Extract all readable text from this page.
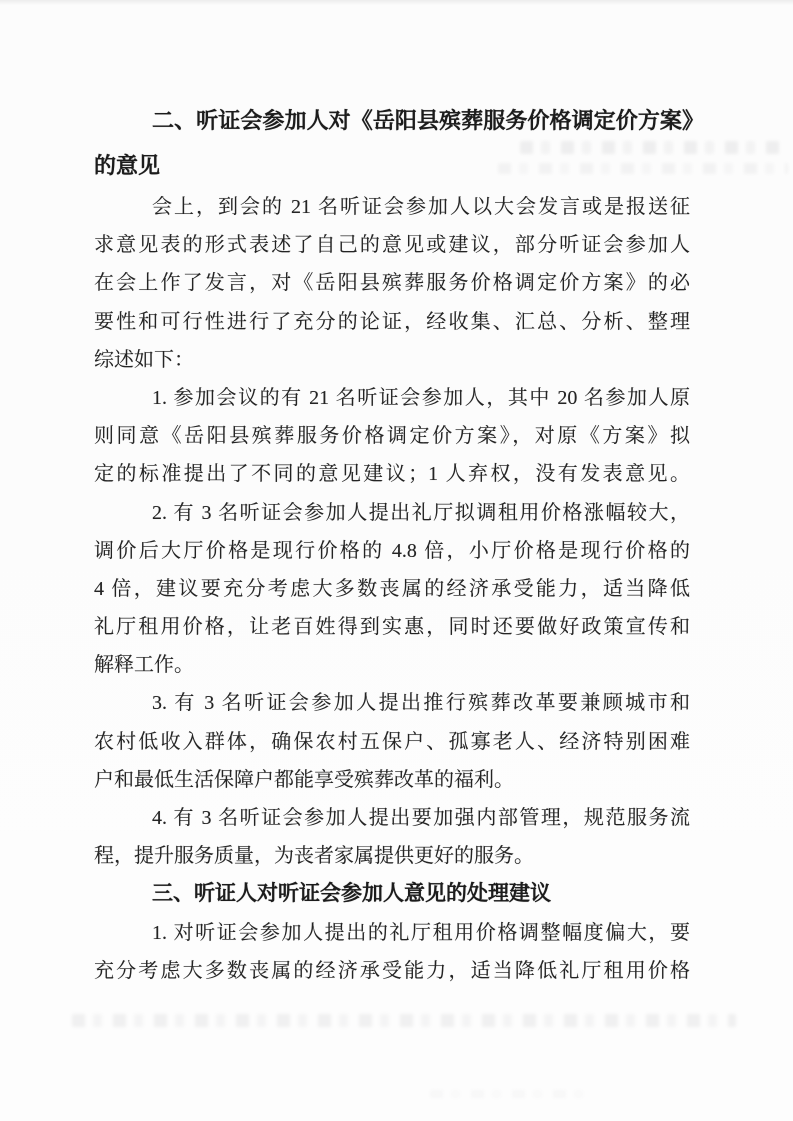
二、听证会参加人对《岳阳县殡葬服务价格调定价方案》
的意见
会上，到会的 21 名听证会参加人以大会发言或是报送征
求意见表的形式表述了自己的意见或建议，部分听证会参加人
在会上作了发言，对《岳阳县殡葬服务价格调定价方案》的必
要性和可行性进行了充分的论证，经收集、汇总、分析、整理
综述如下：
1. 参加会议的有 21 名听证会参加人，其中 20 名参加人原
则同意《岳阳县殡葬服务价格调定价方案》，对原《方案》拟
定的标准提出了不同的意见建议；1 人弃权，没有发表意见。
2. 有 3 名听证会参加人提出礼厅拟调租用价格涨幅较大，
调价后大厅价格是现行价格的 4.8 倍，小厅价格是现行价格的
4 倍，建议要充分考虑大多数丧属的经济承受能力，适当降低
礼厅租用价格，让老百姓得到实惠，同时还要做好政策宣传和
解释工作。
3. 有 3 名听证会参加人提出推行殡葬改革要兼顾城市和
农村低收入群体，确保农村五保户、孤寡老人、经济特别困难
户和最低生活保障户都能享受殡葬改革的福利。
4. 有 3 名听证会参加人提出要加强内部管理，规范服务流
程，提升服务质量，为丧者家属提供更好的服务。
三、听证人对听证会参加人意见的处理建议
1. 对听证会参加人提出的礼厅租用价格调整幅度偏大，要
充分考虑大多数丧属的经济承受能力，适当降低礼厅租用价格
